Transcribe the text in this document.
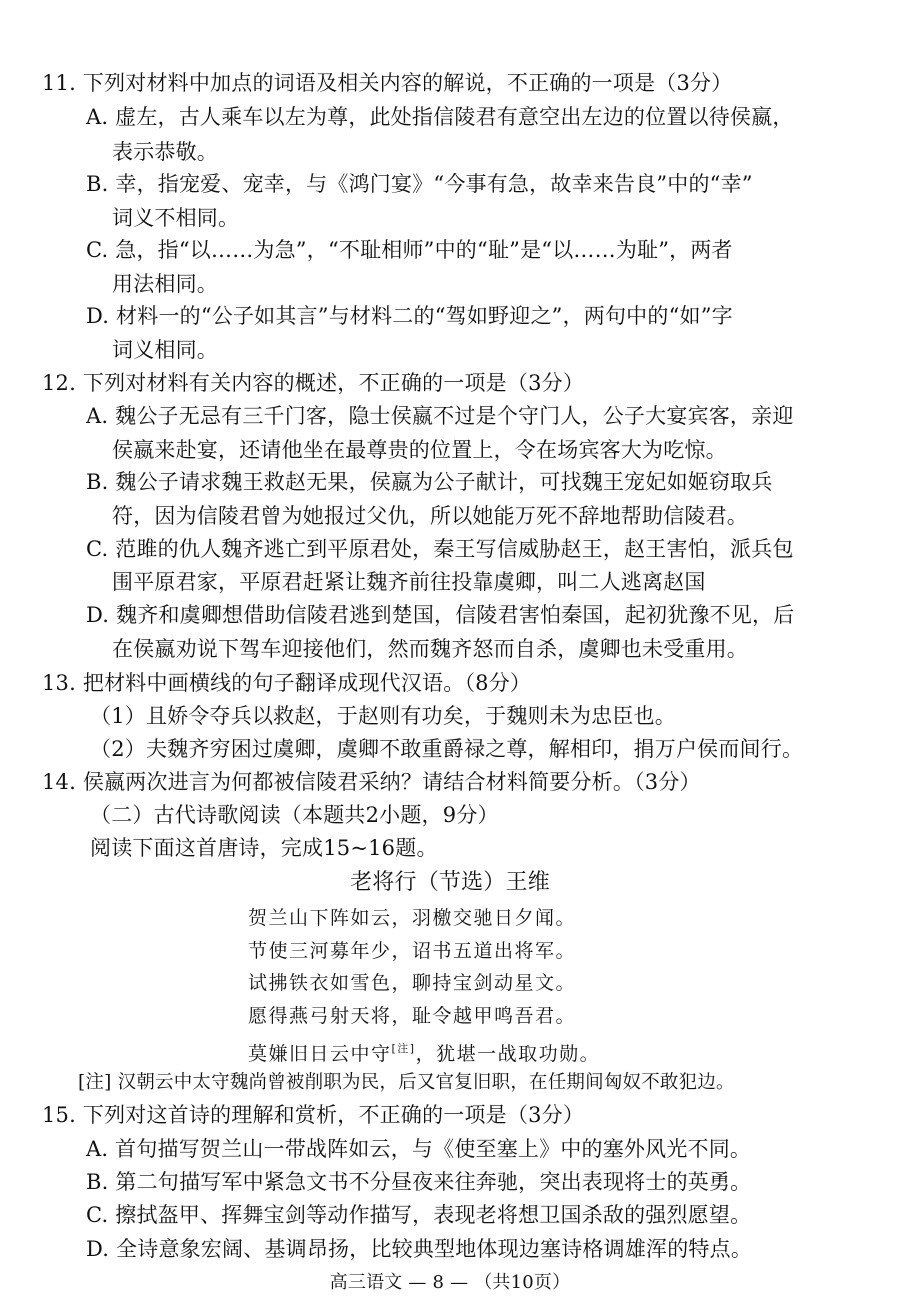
11. 下列对材料中加点的词语及相关内容的解说，不正确的一项是（3分）
A. 虚左，古人乘车以左为尊，此处指信陵君有意空出左边的位置以待侯嬴，
表示恭敬。
B. 幸，指宠爱、宠幸，与《鸿门宴》“今事有急，故幸来告良”中的“幸”
词义不相同。
C. 急，指“以……为急”，“不耻相师”中的“耻”是“以……为耻”，两者
用法相同。
D. 材料一的“公子如其言”与材料二的“驾如野迎之”，两句中的“如”字
词义相同。
12. 下列对材料有关内容的概述，不正确的一项是（3分）
A. 魏公子无忌有三千门客，隐士侯嬴不过是个守门人，公子大宴宾客，亲迎
侯嬴来赴宴，还请他坐在最尊贵的位置上，令在场宾客大为吃惊。
B. 魏公子请求魏王救赵无果，侯嬴为公子献计，可找魏王宠妃如姬窃取兵
符，因为信陵君曾为她报过父仇，所以她能万死不辞地帮助信陵君。
C. 范雎的仇人魏齐逃亡到平原君处，秦王写信威胁赵王，赵王害怕，派兵包
围平原君家，平原君赶紧让魏齐前往投靠虞卿，叫二人逃离赵国
D. 魏齐和虞卿想借助信陵君逃到楚国，信陵君害怕秦国，起初犹豫不见，后
在侯嬴劝说下驾车迎接他们，然而魏齐怒而自杀，虞卿也未受重用。
13. 把材料中画横线的句子翻译成现代汉语。（8分）
（1）且娇令夺兵以救赵，于赵则有功矣，于魏则未为忠臣也。
（2）夫魏齐穷困过虞卿，虞卿不敢重爵禄之尊，解相印，捐万户侯而间行。
14. 侯嬴两次进言为何都被信陵君采纳？请结合材料简要分析。（3分）
（二）古代诗歌阅读（本题共2小题，9分）
阅读下面这首唐诗，完成15~16题。
老将行（节选）王维
贺兰山下阵如云，羽檄交驰日夕闻。
节使三河募年少，诏书五道出将军。
试拂铁衣如雪色，聊持宝剑动星文。
愿得燕弓射天将，耻令越甲鸣吾君。
莫嫌旧日云中守[注]，犹堪一战取功勋。
[注] 汉朝云中太守魏尚曾被削职为民，后又官复旧职，在任期间匈奴不敢犯边。
15. 下列对这首诗的理解和赏析，不正确的一项是（3分）
A. 首句描写贺兰山一带战阵如云，与《使至塞上》中的塞外风光不同。
B. 第二句描写军中紧急文书不分昼夜来往奔驰，突出表现将士的英勇。
C. 擦拭盔甲、挥舞宝剑等动作描写，表现老将想卫国杀敌的强烈愿望。
D. 全诗意象宏阔、基调昂扬，比较典型地体现边塞诗格调雄浑的特点。
高三语文 — 8 — （共10页）
